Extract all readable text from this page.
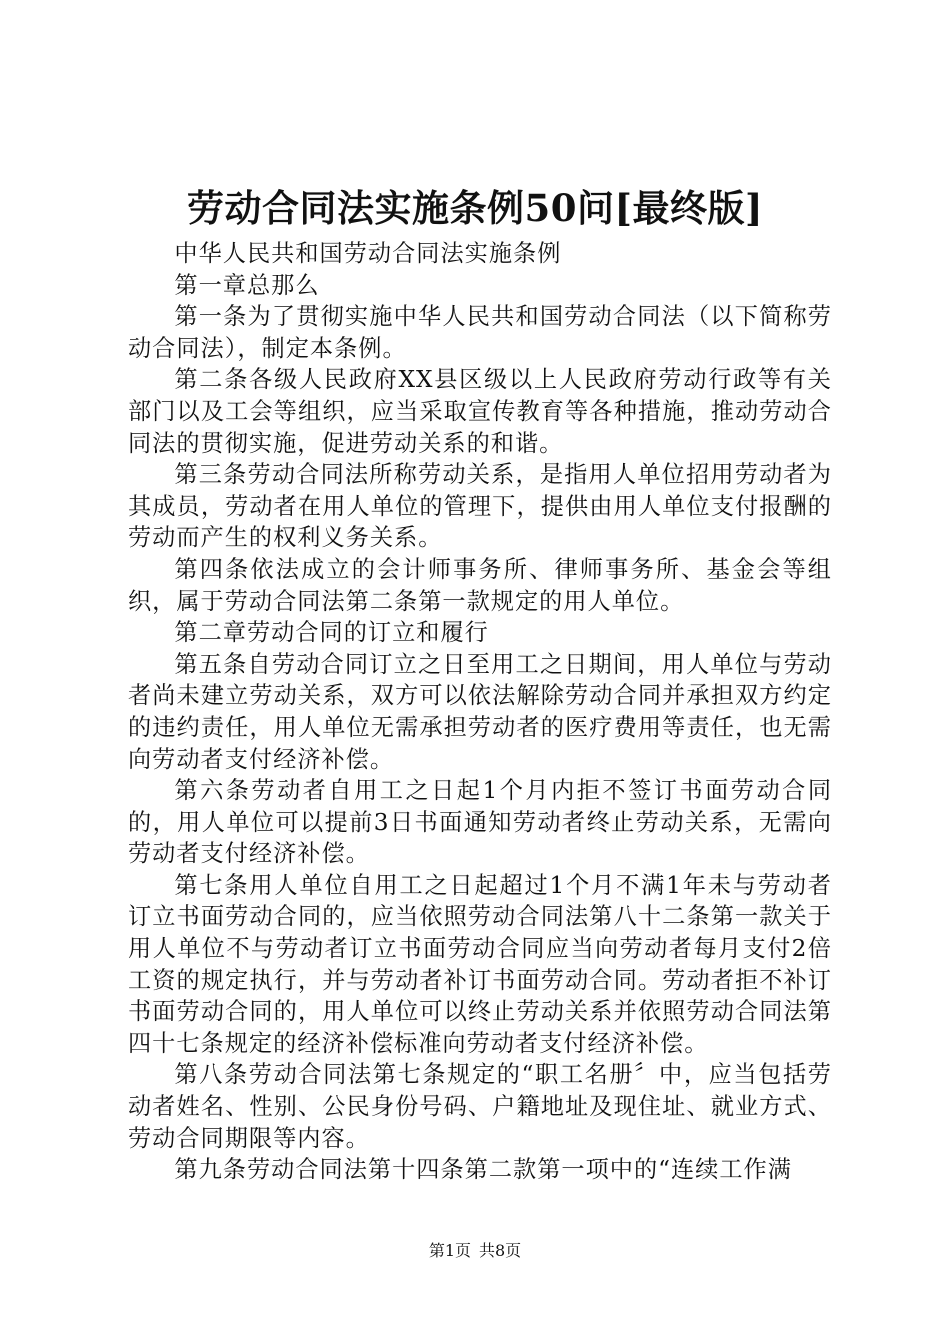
劳动合同法实施条例50问[最终版]

中华人民共和国劳动合同法实施条例

第一章总那么

第一条为了贯彻实施中华人民共和国劳动合同法（以下简称劳动合同法），制定本条例。

第二条各级人民政府XX县区级以上人民政府劳动行政等有关部门以及工会等组织，应当采取宣传教育等各种措施，推动劳动合同法的贯彻实施，促进劳动关系的和谐。

第三条劳动合同法所称劳动关系，是指用人单位招用劳动者为其成员，劳动者在用人单位的管理下，提供由用人单位支付报酬的劳动而产生的权利义务关系。

第四条依法成立的会计师事务所、律师事务所、基金会等组织，属于劳动合同法第二条第一款规定的用人单位。

第二章劳动合同的订立和履行

第五条自劳动合同订立之日至用工之日期间，用人单位与劳动者尚未建立劳动关系，双方可以依法解除劳动合同并承担双方约定的违约责任，用人单位无需承担劳动者的医疗费用等责任，也无需向劳动者支付经济补偿。

第六条劳动者自用工之日起1个月内拒不签订书面劳动合同的，用人单位可以提前3日书面通知劳动者终止劳动关系，无需向劳动者支付经济补偿。

第七条用人单位自用工之日起超过1个月不满1年未与劳动者订立书面劳动合同的，应当依照劳动合同法第八十二条第一款关于用人单位不与劳动者订立书面劳动合同应当向劳动者每月支付2倍工资的规定执行，并与劳动者补订书面劳动合同。劳动者拒不补订书面劳动合同的，用人单位可以终止劳动关系并依照劳动合同法第四十七条规定的经济补偿标准向劳动者支付经济补偿。

第八条劳动合同法第七条规定的“职工名册〞中，应当包括劳动者姓名、性别、公民身份号码、户籍地址及现住址、就业方式、劳动合同期限等内容。

第九条劳动合同法第十四条第二款第一项中的“连续工作满

第1页 共8页
